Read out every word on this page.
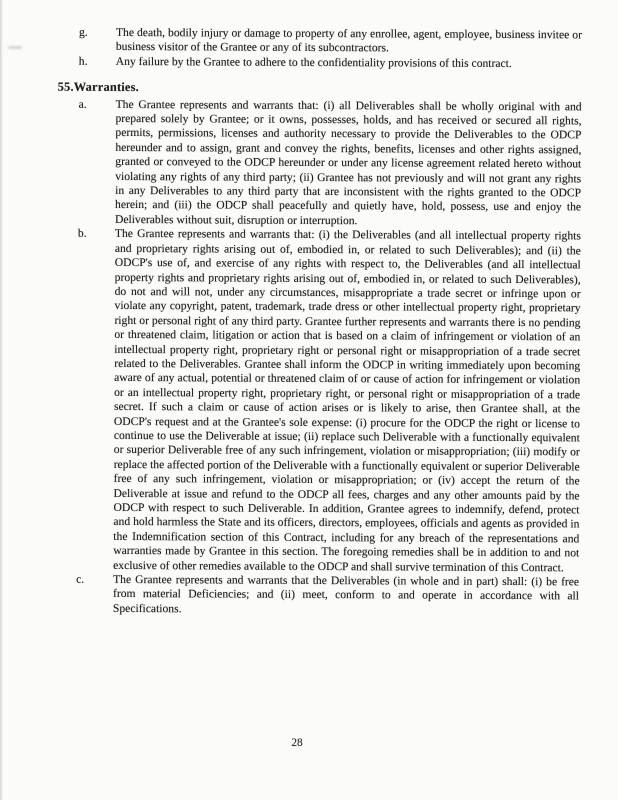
g.	The death, bodily injury or damage to property of any enrollee, agent, employee, business invitee or business visitor of the Grantee or any of its subcontractors.
h.	Any failure by the Grantee to adhere to the confidentiality provisions of this contract.
55.Warranties.
a.	The Grantee represents and warrants that: (i) all Deliverables shall be wholly original with and prepared solely by Grantee; or it owns, possesses, holds, and has received or secured all rights, permits, permissions, licenses and authority necessary to provide the Deliverables to the ODCP hereunder and to assign, grant and convey the rights, benefits, licenses and other rights assigned, granted or conveyed to the ODCP hereunder or under any license agreement related hereto without violating any rights of any third party; (ii) Grantee has not previously and will not grant any rights in any Deliverables to any third party that are inconsistent with the rights granted to the ODCP herein; and (iii) the ODCP shall peacefully and quietly have, hold, possess, use and enjoy the Deliverables without suit, disruption or interruption.
b.	The Grantee represents and warrants that: (i) the Deliverables (and all intellectual property rights and proprietary rights arising out of, embodied in, or related to such Deliverables); and (ii) the ODCP's use of, and exercise of any rights with respect to, the Deliverables (and all intellectual property rights and proprietary rights arising out of, embodied in, or related to such Deliverables), do not and will not, under any circumstances, misappropriate a trade secret or infringe upon or violate any copyright, patent, trademark, trade dress or other intellectual property right, proprietary right or personal right of any third party. Grantee further represents and warrants there is no pending or threatened claim, litigation or action that is based on a claim of infringement or violation of an intellectual property right, proprietary right or personal right or misappropriation of a trade secret related to the Deliverables. Grantee shall inform the ODCP in writing immediately upon becoming aware of any actual, potential or threatened claim of or cause of action for infringement or violation or an intellectual property right, proprietary right, or personal right or misappropriation of a trade secret. If such a claim or cause of action arises or is likely to arise, then Grantee shall, at the ODCP's request and at the Grantee's sole expense: (i) procure for the ODCP the right or license to continue to use the Deliverable at issue; (ii) replace such Deliverable with a functionally equivalent or superior Deliverable free of any such infringement, violation or misappropriation; (iii) modify or replace the affected portion of the Deliverable with a functionally equivalent or superior Deliverable free of any such infringement, violation or misappropriation; or (iv) accept the return of the Deliverable at issue and refund to the ODCP all fees, charges and any other amounts paid by the ODCP with respect to such Deliverable. In addition, Grantee agrees to indemnify, defend, protect and hold harmless the State and its officers, directors, employees, officials and agents as provided in the Indemnification section of this Contract, including for any breach of the representations and warranties made by Grantee in this section. The foregoing remedies shall be in addition to and not exclusive of other remedies available to the ODCP and shall survive termination of this Contract.
c.	The Grantee represents and warrants that the Deliverables (in whole and in part) shall: (i) be free from material Deficiencies; and (ii) meet, conform to and operate in accordance with all Specifications.
28
